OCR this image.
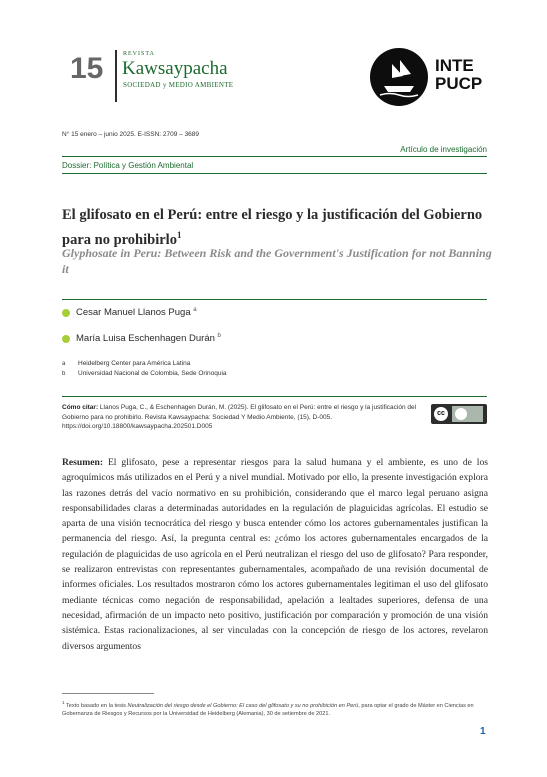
15	REVISTA
Kawsaypacha
SOCIEDAD y MEDIO AMBIENTE
INTE
PUCP
N° 15 enero – junio 2025. E-ISSN: 2709 – 3689
Artículo de investigación
Dossier: Política y Gestión Ambiental
El glifosato en el Perú: entre el riesgo y la justificación del Gobierno para no prohibirlo$^1$
Glyphosate in Peru: Between Risk and the Government's Justification for not Banning it
Cesar Manuel Llanos Puga $^a$
María Luisa Eschenhagen Durán $^b$
a Heidelberg Center para América Latina
b Universidad Nacional de Colombia, Sede Orinoquia
Cómo citar: Llanos Puga, C., & Eschenhagen Durán, M. (2025). El glifosato en el Perú: entre el riesgo y la justificación del Gobierno para no prohibirlo. Revista Kawsaypacha: Sociedad Y Medio Ambiente, (15), D-005. https://doi.org/10.18800/kawsaypacha.202501.D005
cc
Resumen: El glifosato, pese a representar riesgos para la salud humana y el ambiente, es uno de los agroquímicos más utilizados en el Perú y a nivel mundial. Motivado por ello, la presente investigación explora las razones detrás del vacío normativo en su prohibición, considerando que el marco legal peruano asigna responsabilidades claras a determinadas autoridades en la regulación de plaguicidas agrícolas. El estudio se aparta de una visión tecnocrática del riesgo y busca entender cómo los actores gubernamentales justifican la permanencia del riesgo. Así, la pregunta central es: ¿cómo los actores gubernamentales encargados de la regulación de plaguicidas de uso agrícola en el Perú neutralizan el riesgo del uso de glifosato? Para responder, se realizaron entrevistas con representantes gubernamentales, acompañado de una revisión documental de informes oficiales. Los resultados mostraron cómo los actores gubernamentales legitiman el uso del glifosato mediante técnicas como negación de responsabilidad, apelación a lealtades superiores, defensa de una necesidad, afirmación de un impacto neto positivo, justificación por comparación y promoción de una visión sistémica. Estas racionalizaciones, al ser vinculadas con la concepción de riesgo de los actores, revelaron diversos argumentos
$^1$ Texto basado en la tesis Neutralización del riesgo desde el Gobierno: El caso del glifosato y su no prohibición en Perú, para optar el grado de Máster en Ciencias en Gobernanza de Riesgos y Recursos por la Universidad de Heidelberg (Alemania), 30 de setiembre de 2021.
1
